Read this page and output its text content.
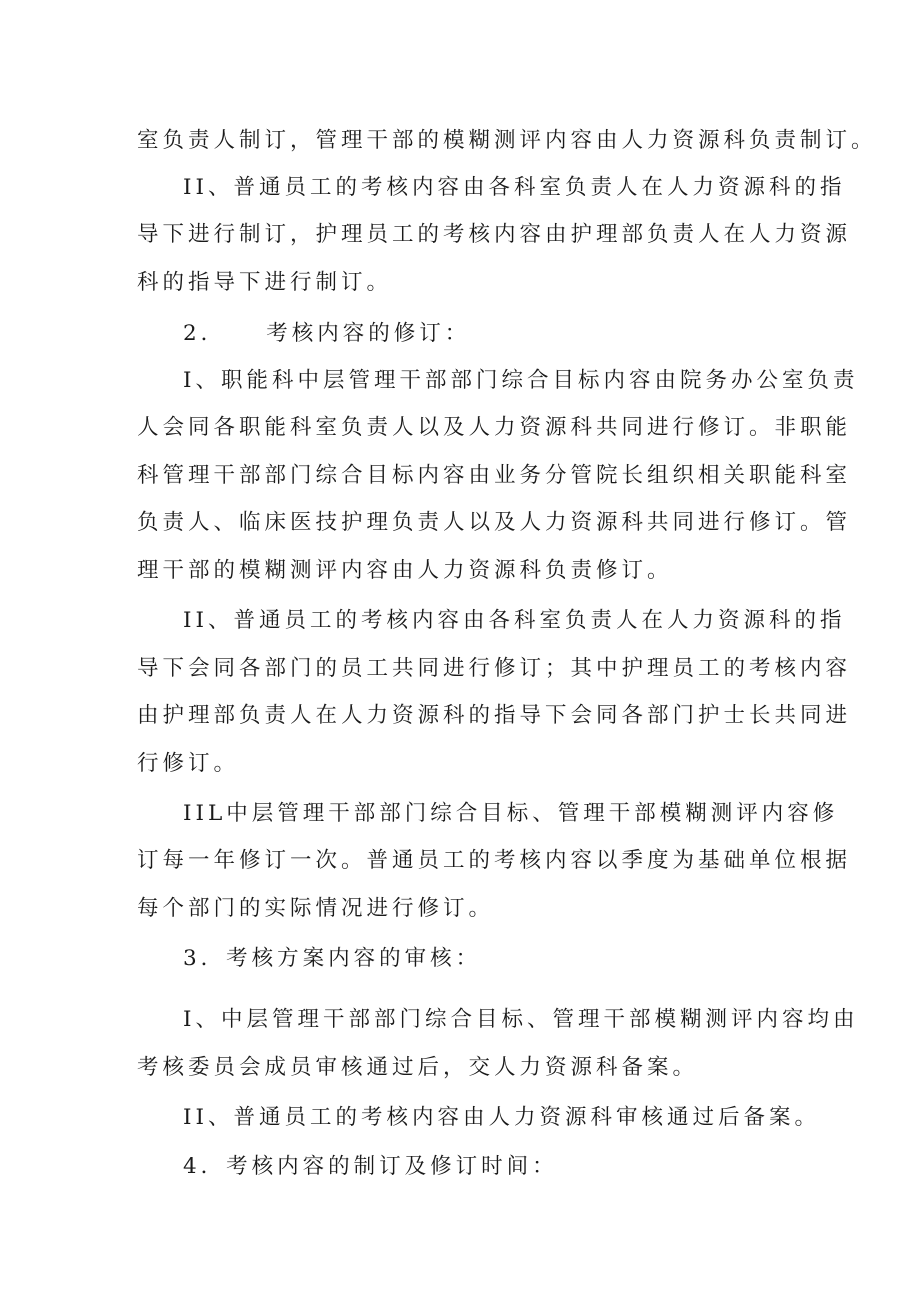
室负责人制订，管理干部的模糊测评内容由人力资源科负责制订。
II、普通员工的考核内容由各科室负责人在人力资源科的指
导下进行制订，护理员工的考核内容由护理部负责人在人力资源
科的指导下进行制订。
2． 考核内容的修订：
I、职能科中层管理干部部门综合目标内容由院务办公室负责
人会同各职能科室负责人以及人力资源科共同进行修订。非职能
科管理干部部门综合目标内容由业务分管院长组织相关职能科室
负责人、临床医技护理负责人以及人力资源科共同进行修订。管
理干部的模糊测评内容由人力资源科负责修订。
II、普通员工的考核内容由各科室负责人在人力资源科的指
导下会同各部门的员工共同进行修订；其中护理员工的考核内容
由护理部负责人在人力资源科的指导下会同各部门护士长共同进
行修订。
IIL中层管理干部部门综合目标、管理干部模糊测评内容修
订每一年修订一次。普通员工的考核内容以季度为基础单位根据
每个部门的实际情况进行修订。
3．考核方案内容的审核：
I、中层管理干部部门综合目标、管理干部模糊测评内容均由
考核委员会成员审核通过后，交人力资源科备案。
II、普通员工的考核内容由人力资源科审核通过后备案。
4．考核内容的制订及修订时间：
